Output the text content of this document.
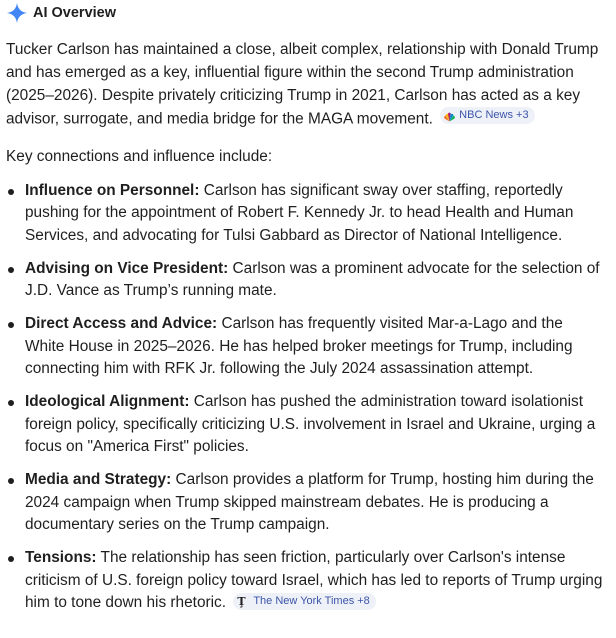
AI Overview

Tucker Carlson has maintained a close, albeit complex, relationship with Donald Trump and has emerged as a key, influential figure within the second Trump administration (2025–2026). Despite privately criticizing Trump in 2021, Carlson has acted as a key advisor, surrogate, and media bridge for the MAGA movement. NBC News +3

Key connections and influence include:

Influence on Personnel: Carlson has significant sway over staffing, reportedly pushing for the appointment of Robert F. Kennedy Jr. to head Health and Human Services, and advocating for Tulsi Gabbard as Director of National Intelligence.
Advising on Vice President: Carlson was a prominent advocate for the selection of J.D. Vance as Trump’s running mate.
Direct Access and Advice: Carlson has frequently visited Mar-a-Lago and the White House in 2025–2026. He has helped broker meetings for Trump, including connecting him with RFK Jr. following the July 2024 assassination attempt.
Ideological Alignment: Carlson has pushed the administration toward isolationist foreign policy, specifically criticizing U.S. involvement in Israel and Ukraine, urging a focus on "America First" policies.
Media and Strategy: Carlson provides a platform for Trump, hosting him during the 2024 campaign when Trump skipped mainstream debates. He is producing a documentary series on the Trump campaign.
Tensions: The relationship has seen friction, particularly over Carlson's intense criticism of U.S. foreign policy toward Israel, which has led to reports of Trump urging him to tone down his rhetoric. Ţ The New York Times +8
